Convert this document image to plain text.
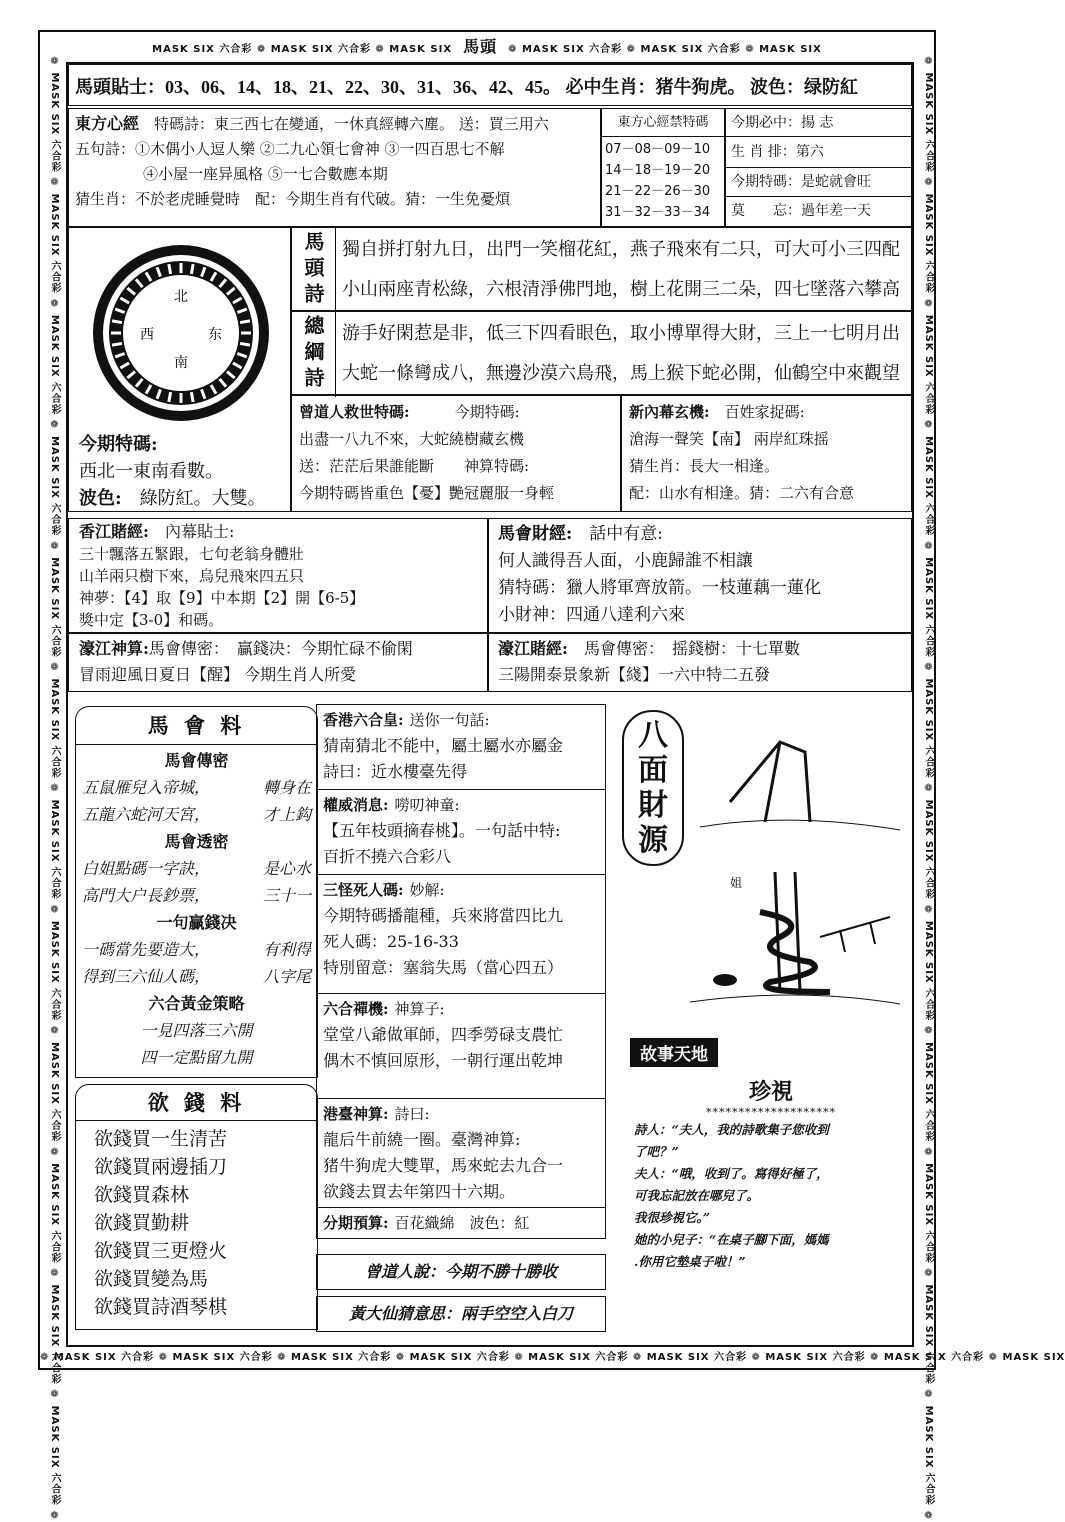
MASK SIX 六合彩 ❁ MASK SIX 六合彩 ❁ MASK SIX　馬頭　❁ MASK SIX 六合彩 ❁ MASK SIX 六合彩 ❁ MASK SIX
❁ MASK SIX 六合彩 ❁ MASK SIX 六合彩 ❁ MASK SIX 六合彩 ❁ MASK SIX 六合彩 ❁ MASK SIX 六合彩 ❁ MASK SIX 六合彩 ❁ MASK SIX 六合彩 ❁ MASK SIX 六合彩 ❁ MASK SIX
❁ MASK SIX 六合彩 ❁ MASK SIX 六合彩 ❁ MASK SIX 六合彩 ❁ MASK SIX 六合彩 ❁ MASK SIX 六合彩 ❁ MASK SIX 六合彩 ❁ MASK SIX 六合彩 ❁ MASK SIX 六合彩 ❁ MASK SIX 六合彩 ❁ MASK SIX 六合彩 ❁ MASK SIX 六合彩 ❁ MASK SIX 六合彩 ❁	❁ MASK SIX 六合彩 ❁ MASK SIX 六合彩 ❁ MASK SIX 六合彩 ❁ MASK SIX 六合彩 ❁ MASK SIX 六合彩 ❁ MASK SIX 六合彩 ❁ MASK SIX 六合彩 ❁ MASK SIX 六合彩 ❁ MASK SIX 六合彩 ❁ MASK SIX 六合彩 ❁ MASK SIX 六合彩 ❁ MASK SIX 六合彩 ❁
馬頭貼士：03、06、14、18、21、22、30、31、36、42、45。 必中生肖：猪牛狗虎。 波色：绿防紅
東方心經　 特碼詩：東三西七在變通，一休真經轉六塵。 送：買三用六
五句詩：①木偶小人逗人樂 ②二九心領七會神 ③一四百思七不解
④小屋一座异風格 ⑤一七合數應本期
猜生肖：不於老虎睡覺時　配：今期生肖有代破。猜：一生免憂煩
東方心經禁特碼
07－08－09－10
14－18－19－20
21－22－26－30
31－32－33－34
今期必中：揚 志
生 肖 排：第六
今期特碼：是蛇就會旺
莫　　忘：過年差一天
北
西	东
南
今期特碼:
西北一東南看數。
波色:　 綠防紅。大雙。
馬頭詩 獨自拼打射九日，出門一笑榴花紅，燕子飛來有二只，可大可小三四配
小山兩座青松綠，六根清淨佛門地，樹上花開三二朵，四七墜落六攀高
總綱詩 游手好閑惹是非，低三下四看眼色，取小博單得大財，三上一七明月出
大蛇一條彎成八，無邊沙漠六鳥飛，馬上猴下蛇必開，仙鶴空中來觀望
曾道人救世特碼:　　　	今期特碼:
出盡一八九不來，大蛇繞樹藏玄機
送：茫茫后果誰能斷　　神算特碼:
今期特碼皆重色【憂】艷冠麗服一身輕
新內幕玄機:　 百姓家捉碼:
滄海一聲笑【南】 兩岸紅珠摇
猜生肖：長大一相逢。
配：山水有相逢。猜：二六有合意
香江賭經:　 內幕貼士:
三十飄落五緊跟，七句老翁身體壯
山羊兩只樹下來，烏兒飛來四五只
神夢：【4】取【9】中本期【2】開【6-5】
獎中定【3-0】和碼。
馬會財經:　 話中有意:
何人識得吾人面，小鹿歸誰不相讓
猜特碼：獵人將軍齊放箭。一枝蓮藕一蓮化
小財神：四通八達利六來
濠江神算:馬會傳密：　贏錢决：今期忙碌不偷閑
冒雨迎風日夏日【醒】 今期生肖人所愛
濠江賭經:　 馬會傳密：　摇錢樹：十七單數
三陽開泰景象新【綫】一六中特二五發
馬 會 料
馬會傳密
五鼠雁兒入帝城，	轉身在
五龍六蛇河天宮，	才上鈎
馬會透密
白姐點碼一字訣，	是心水
高門大户長鈔票，	三十一
一句贏錢决
一碼當先要造大，	有利得
得到三六仙人碼，	八字尾
六合黃金策略
一見四落三六開
四一定點留九開
欲 錢 料
欲錢買一生清苦
欲錢買兩邊插刀
欲錢買森林
欲錢買勤耕
欲錢買三更燈火
欲錢買變為馬
欲錢買詩酒琴棋
香港六合皇: 送你一句話:
猜南猜北不能中，屬土屬水亦屬金
詩曰：近水樓臺先得
權威消息: 嘮叨神童:
【五年枝頭摘春桃】。一句話中特:
百折不撓六合彩八
三怪死人碼: 妙解:
今期特碼播龍種，兵來將當四比九
死人碼：25-16-33
特別留意：塞翁失馬（當心四五）
六合禪機: 神算子:
堂堂八爺做軍師，四季勞碌支農忙
偶木不慎回原形，一朝行運出乾坤
港臺神算: 詩曰:
龍后牛前繞一圈。臺灣神算:
猪牛狗虎大雙單，馬來蛇去九合一
欲錢去買去年第四十六期。
分期預算: 百花織綿　波色：紅
曾道人說：今期不勝十勝收
黃大仙猜意思：兩手空空入白刀
八面財源
姐
故事天地
珍視
********************
詩人：“夫人，我的詩歌集子您收到
了吧？”
夫人：“哦，收到了。寫得好極了，
可我忘記放在哪兒了。
我很珍視它。”
她的小兒子：“在桌子腳下面，媽媽
.你用它墊桌子啦！”
